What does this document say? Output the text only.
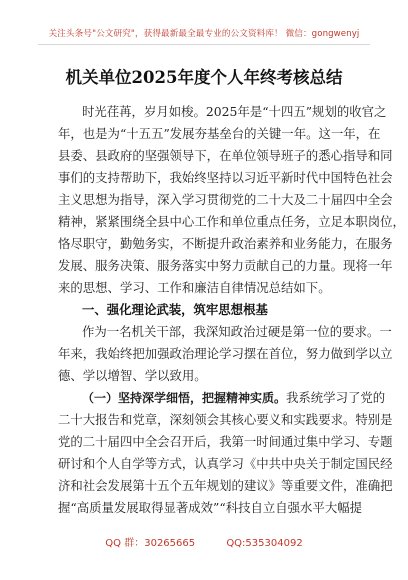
关注头条号"公文研究"，获得最新最全最专业的公文资料库！ 微信：gongwenyj
机关单位2025年度个人年终考核总结
时光荏苒，岁月如梭。2025年是“十四五”规划的收官之
年，也是为“十五五”发展夯基垒台的关键一年。这一年，在
县委、县政府的坚强领导下，在单位领导班子的悉心指导和同
事们的支持帮助下，我始终坚持以习近平新时代中国特色社会
主义思想为指导，深入学习贯彻党的二十大及二十届四中全会
精神，紧紧围绕全县中心工作和单位重点任务，立足本职岗位，
恪尽职守，勤勉务实，不断提升政治素养和业务能力，在服务
发展、服务决策、服务落实中努力贡献自己的力量。现将一年
来的思想、学习、工作和廉洁自律情况总结如下。
一、强化理论武装，筑牢思想根基
作为一名机关干部，我深知政治过硬是第一位的要求。一
年来，我始终把加强政治理论学习摆在首位，努力做到学以立
德、学以增智、学以致用。
（一）坚持深学细悟，把握精神实质。我系统学习了党的
二十大报告和党章，深刻领会其核心要义和实践要求。特别是
党的二十届四中全会召开后，我第一时间通过集中学习、专题
研讨和个人自学等方式，认真学习《中共中央关于制定国民经
济和社会发展第十五个五年规划的建议》等重要文件，准确把
握“高质量发展取得显著成效”“科技自立自强水平大幅提
QQ 群：30265665	QQ:535304092
